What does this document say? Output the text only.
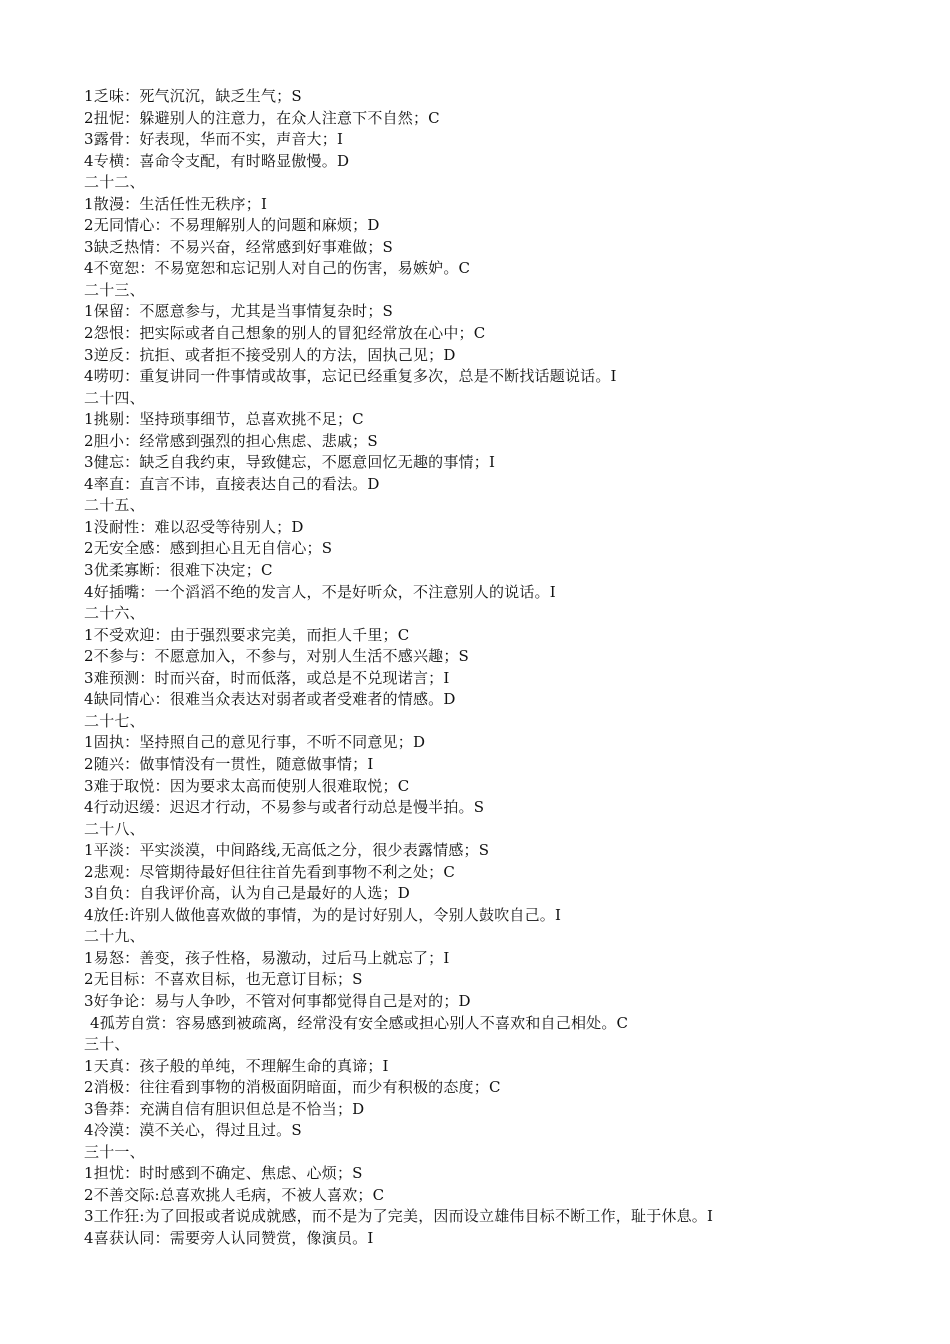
1乏味：死气沉沉，缺乏生气；S
2扭怩：躲避别人的注意力，在众人注意下不自然；C
3露骨：好表现，华而不实，声音大；I
4专横：喜命令支配，有时略显傲慢。D
二十二、
1散漫：生活任性无秩序；I
2无同情心：不易理解别人的问题和麻烦；D
3缺乏热情：不易兴奋，经常感到好事难做；S
4不宽恕：不易宽恕和忘记别人对自己的伤害，易嫉妒。C
二十三、
1保留：不愿意参与，尤其是当事情复杂时；S
2怨恨：把实际或者自己想象的别人的冒犯经常放在心中；C
3逆反：抗拒、或者拒不接受别人的方法，固执己见；D
4唠叨：重复讲同一件事情或故事，忘记已经重复多次，总是不断找话题说话。I
二十四、
1挑剔：坚持琐事细节，总喜欢挑不足；C
2胆小：经常感到强烈的担心焦虑、悲戚；S
3健忘：缺乏自我约束，导致健忘，不愿意回忆无趣的事情；I
4率直：直言不讳，直接表达自己的看法。D
二十五、
1没耐性：难以忍受等待别人；D
2无安全感：感到担心且无自信心；S
3优柔寡断：很难下决定；C
4好插嘴：一个滔滔不绝的发言人，不是好听众，不注意别人的说话。I
二十六、
1不受欢迎：由于强烈要求完美，而拒人千里；C
2不参与：不愿意加入，不参与，对别人生活不感兴趣；S
3难预测：时而兴奋，时而低落，或总是不兑现诺言；I
4缺同情心：很难当众表达对弱者或者受难者的情感。D
二十七、
1固执：坚持照自己的意见行事，不听不同意见；D
2随兴：做事情没有一贯性，随意做事情；I
3难于取悦：因为要求太高而使别人很难取悦；C
4行动迟缓：迟迟才行动，不易参与或者行动总是慢半拍。S
二十八、
1平淡：平实淡漠，中间路线,无高低之分，很少表露情感；S
2悲观：尽管期待最好但往往首先看到事物不利之处；C
3自负：自我评价高，认为自己是最好的人选；D
4放任:许别人做他喜欢做的事情，为的是讨好别人，令别人鼓吹自己。I
二十九、
1易怒：善变，孩子性格，易激动，过后马上就忘了；I
2无目标：不喜欢目标，也无意订目标；S
3好争论：易与人争吵，不管对何事都觉得自己是对的；D
4孤芳自赏：容易感到被疏离，经常没有安全感或担心别人不喜欢和自己相处。C
三十、
1天真：孩子般的单纯，不理解生命的真谛；I
2消极：往往看到事物的消极面阴暗面，而少有积极的态度；C
3鲁莽：充满自信有胆识但总是不恰当；D
4冷漠：漠不关心，得过且过。S
三十一、
1担忧：时时感到不确定、焦虑、心烦；S
2不善交际:总喜欢挑人毛病，不被人喜欢；C
3工作狂:为了回报或者说成就感，而不是为了完美，因而设立雄伟目标不断工作，耻于休息。I
4喜获认同：需要旁人认同赞赏，像演员。I
